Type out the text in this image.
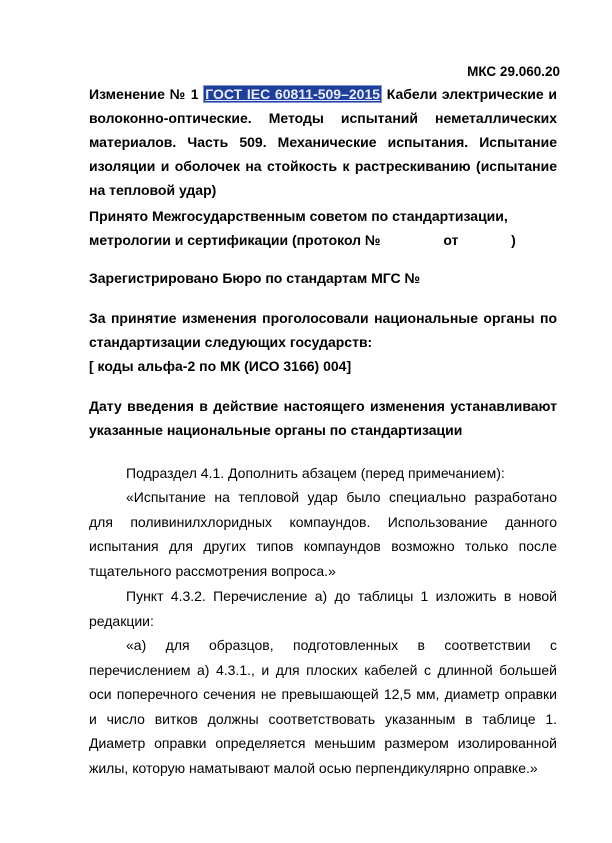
МКС 29.060.20
Изменение № 1 ГОСТ IEC 60811-509–2015 Кабели электрические и волоконно-оптические. Методы испытаний неметаллических материалов. Часть 509. Механические испытания. Испытание изоляции и оболочек на стойкость к растрескиванию (испытание на тепловой удар)
Принято Межгосударственным советом по стандартизации,
метрологии и сертификации (протокол №	от	)
Зарегистрировано Бюро по стандартам МГС №
За принятие изменения проголосовали национальные органы по стандартизации следующих государств:
[ коды альфа-2 по МК (ИСО 3166) 004]
Дату введения в действие настоящего изменения устанавливают указанные национальные органы по стандартизации
Подраздел 4.1. Дополнить абзацем (перед примечанием):
«Испытание на тепловой удар было специально разработано для поливинилхлоридных компаундов. Использование данного испытания для других типов компаундов возможно только после тщательного рассмотрения вопроса.»
Пункт 4.3.2. Перечисление а) до таблицы 1 изложить в новой редакции:
«а) для образцов, подготовленных в соответствии с перечислением а) 4.3.1., и для плоских кабелей с длинной большей оси поперечного сечения не превышающей 12,5 мм, диаметр оправки и число витков должны соответствовать указанным в таблице 1. Диаметр оправки определяется меньшим размером изолированной жилы, которую наматывают малой осью перпендикулярно оправке.»
